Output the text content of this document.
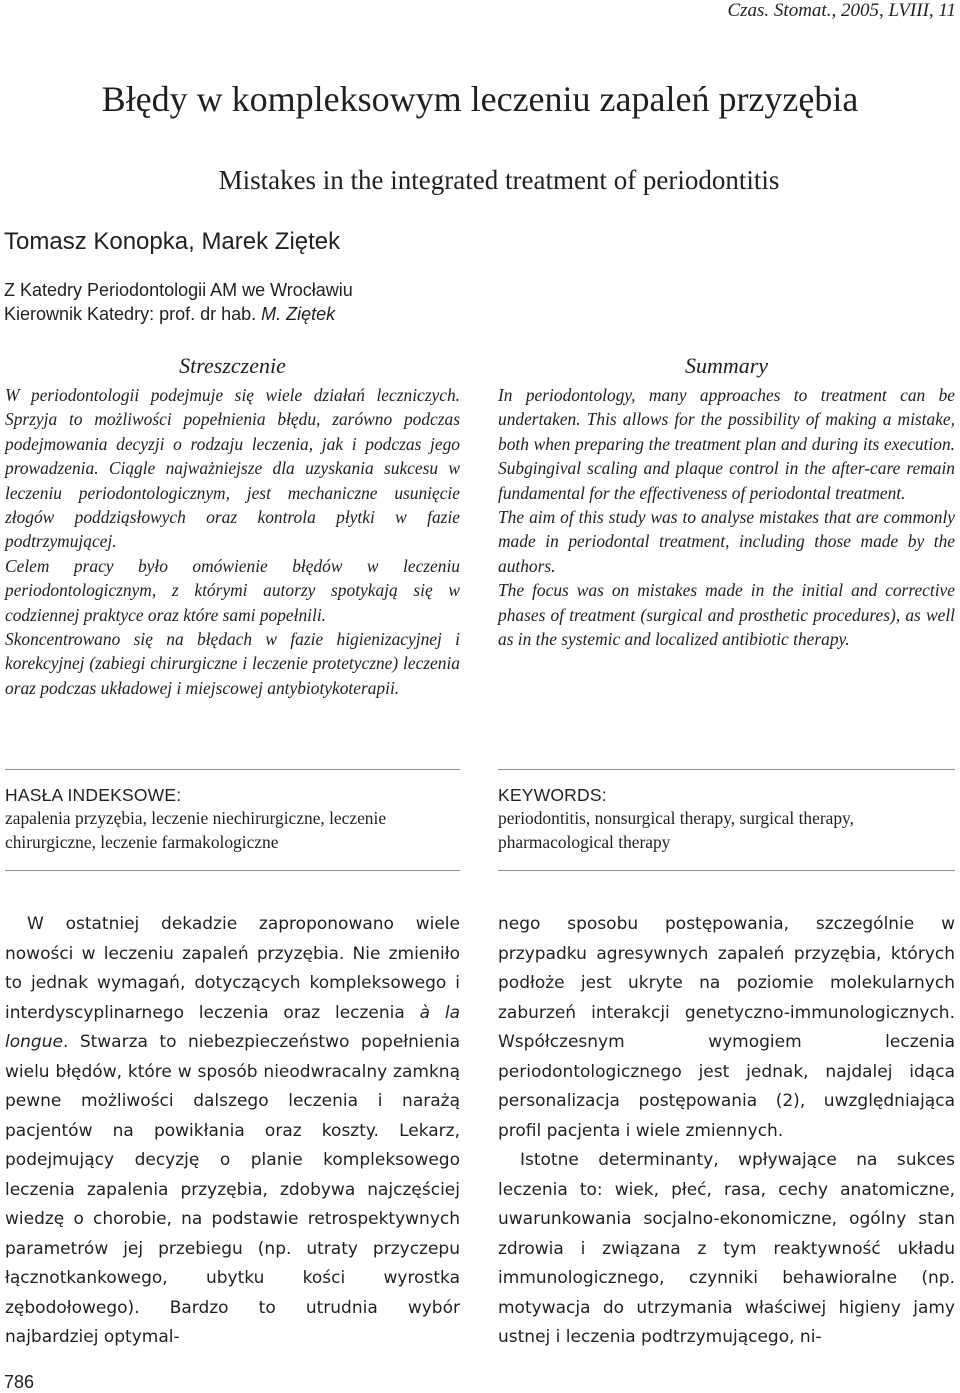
Czas. Stomat., 2005, LVIII, 11
Błędy w kompleksowym leczeniu zapaleń przyzębia
Mistakes in the integrated treatment of periodontitis
Tomasz Konopka, Marek Ziętek
Z Katedry Periodontologii AM we Wrocławiu
Kierownik Katedry: prof. dr hab. M. Ziętek
Streszczenie

W periodontologii podejmuje się wiele działań leczniczych. Sprzyja to możliwości popełnienia błędu, zarówno podczas podejmowania decyzji o rodzaju leczenia, jak i podczas jego prowadzenia. Ciągle najważniejsze dla uzyskania sukcesu w leczeniu periodontologicznym, jest mechaniczne usunięcie złogów poddziąsłowych oraz kontrola płytki w fazie podtrzymującej.

Celem pracy było omówienie błędów w leczeniu periodontologicznym, z którymi autorzy spotykają się w codziennej praktyce oraz które sami popełnili.

Skoncentrowano się na błędach w fazie higienizacyjnej i korekcyjnej (zabiegi chirurgiczne i leczenie protetyczne) leczenia oraz podczas układowej i miejscowej antybiotykoterapii.

Summary

In periodontology, many approaches to treatment can be undertaken. This allows for the possibility of making a mistake, both when preparing the treatment plan and during its execution. Subgingival scaling and plaque control in the after-care remain fundamental for the effectiveness of periodontal treatment.

The aim of this study was to analyse mistakes that are commonly made in periodontal treatment, including those made by the authors.

The focus was on mistakes made in the initial and corrective phases of treatment (surgical and prosthetic procedures), as well as in the systemic and localized antibiotic therapy.

HASŁA INDEKSOWE:
zapalenia przyzębia, leczenie niechirurgiczne, leczenie chirurgiczne, leczenie farmakologiczne
KEYWORDS:
periodontitis, nonsurgical therapy, surgical therapy, pharmacological therapy

W ostatniej dekadzie zaproponowano wiele nowości w leczeniu zapaleń przyzębia. Nie zmieniło to jednak wymagań, dotyczących kompleksowego i interdyscyplinarnego leczenia oraz leczenia à la longue. Stwarza to niebezpieczeństwo popełnienia wielu błędów, które w sposób nieodwracalny zamkną pewne możliwości dalszego leczenia i narażą pacjentów na powikłania oraz koszty. Lekarz, podejmujący decyzję o planie kompleksowego leczenia zapalenia przyzębia, zdobywa najczęściej wiedzę o chorobie, na podstawie retrospektywnych parametrów jej przebiegu (np. utraty przyczepu łącznotkankowego, ubytku kości wyrostka zębodołowego). Bardzo to utrudnia wybór najbardziej optymal-

nego sposobu postępowania, szczególnie w przypadku agresywnych zapaleń przyzębia, których podłoże jest ukryte na poziomie molekularnych zaburzeń interakcji genetyczno-immunologicznych. Współczesnym wymogiem leczenia periodontologicznego jest jednak, najdalej idąca personalizacja postępowania (2), uwzględniająca profil pacjenta i wiele zmiennych.

Istotne determinanty, wpływające na sukces leczenia to: wiek, płeć, rasa, cechy anatomiczne, uwarunkowania socjalno-ekonomiczne, ogólny stan zdrowia i związana z tym reaktywność układu immunologicznego, czynniki behawioralne (np. motywacja do utrzymania właściwej higieny jamy ustnej i leczenia podtrzymującego, ni-

786
